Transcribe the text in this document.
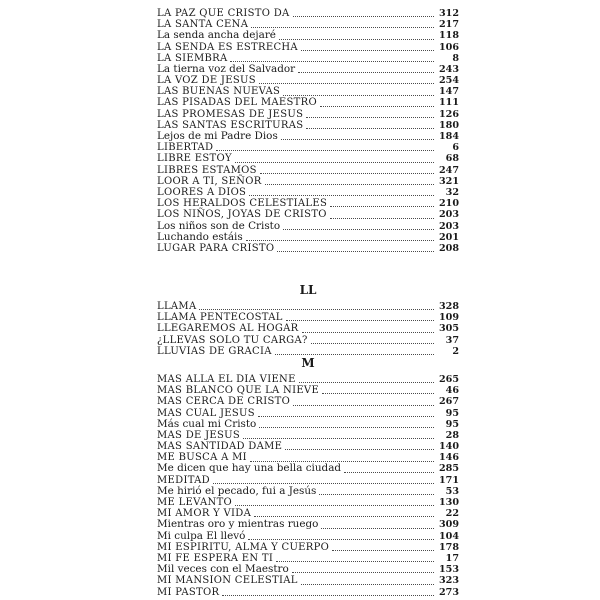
LA PAZ QUE CRISTO DA	312
LA SANTA CENA	217
La senda ancha dejaré	118
LA SENDA ES ESTRECHA	106
LA SIEMBRA	8
La tierna voz del Salvador	243
LA VOZ DE JESUS	254
LAS BUENAS NUEVAS	147
LAS PISADAS DEL MAESTRO	111
LAS PROMESAS DE JESUS	126
LAS SANTAS ESCRITURAS	180
Lejos de mi Padre Dios	184
LIBERTAD	6
LIBRE ESTOY	68
LIBRES ESTAMOS	247
LOOR A TI, SEÑOR	321
LOORES A DIOS	32
LOS HERALDOS CELESTIALES	210
LOS NIÑOS, JOYAS DE CRISTO	203
Los niños son de Cristo	203
Luchando estáis	201
LUGAR PARA CRISTO	208
LL
LLAMA	328
LLAMA PENTECOSTAL	109
LLEGAREMOS AL HOGAR	305
¿LLEVAS SOLO TU CARGA?	37
LLUVIAS DE GRACIA	2
M
MAS ALLA EL DIA VIENE	265
MAS BLANCO QUE LA NIEVE	46
MAS CERCA DE CRISTO	267
MAS CUAL JESUS	95
Más cual mi Cristo	95
MAS DE JESUS	28
MAS SANTIDAD DAME	140
ME BUSCA A MI	146
Me dicen que hay una bella ciudad	285
MEDITAD	171
Me hirió el pecado, fui a Jesús	53
ME LEVANTO	130
MI AMOR Y VIDA	22
Mientras oro y mientras ruego	309
Mi culpa El llevó	104
MI ESPIRITU, ALMA Y CUERPO	178
MI FE ESPERA EN TI	17
Mil veces con el Maestro	153
MI MANSION CELESTIAL	323
MI PASTOR	273
